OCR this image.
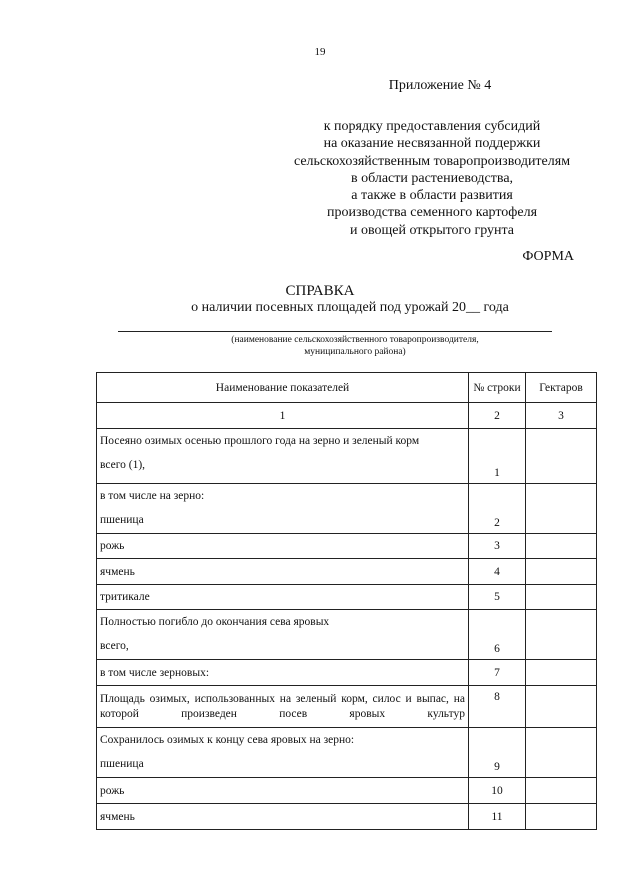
19
Приложение № 4
к порядку предоставления субсидий
на оказание несвязанной поддержки
сельскохозяйственным товаропроизводителям
в области растениеводства,
а также в области развития
производства семенного картофеля
и овощей открытого грунта
ФОРМА
СПРАВКА
о наличии посевных площадей под урожай 20__ года
(наименование сельскохозяйственного товаропроизводителя,
муниципального района)
Наименование показателей	№ строки	Гектаров
1	2	3

Посеяно озимых осенью прошлого года на зерно и зеленый корм
всего (1),	1	

в том числе на зерно:
пшеница	2	
рожь	3	
ячмень	4	
тритикале	5	

Полностью погибло до окончания сева яровых
всего,	6	
в том числе зерновых:	7	
Площадь озимых, использованных на зеленый корм, силос и выпас, на которой произведен посев яровых культур	8	

Сохранилось озимых к концу сева яровых на зерно:
пшеница	9	
рожь	10	
ячмень	11	
